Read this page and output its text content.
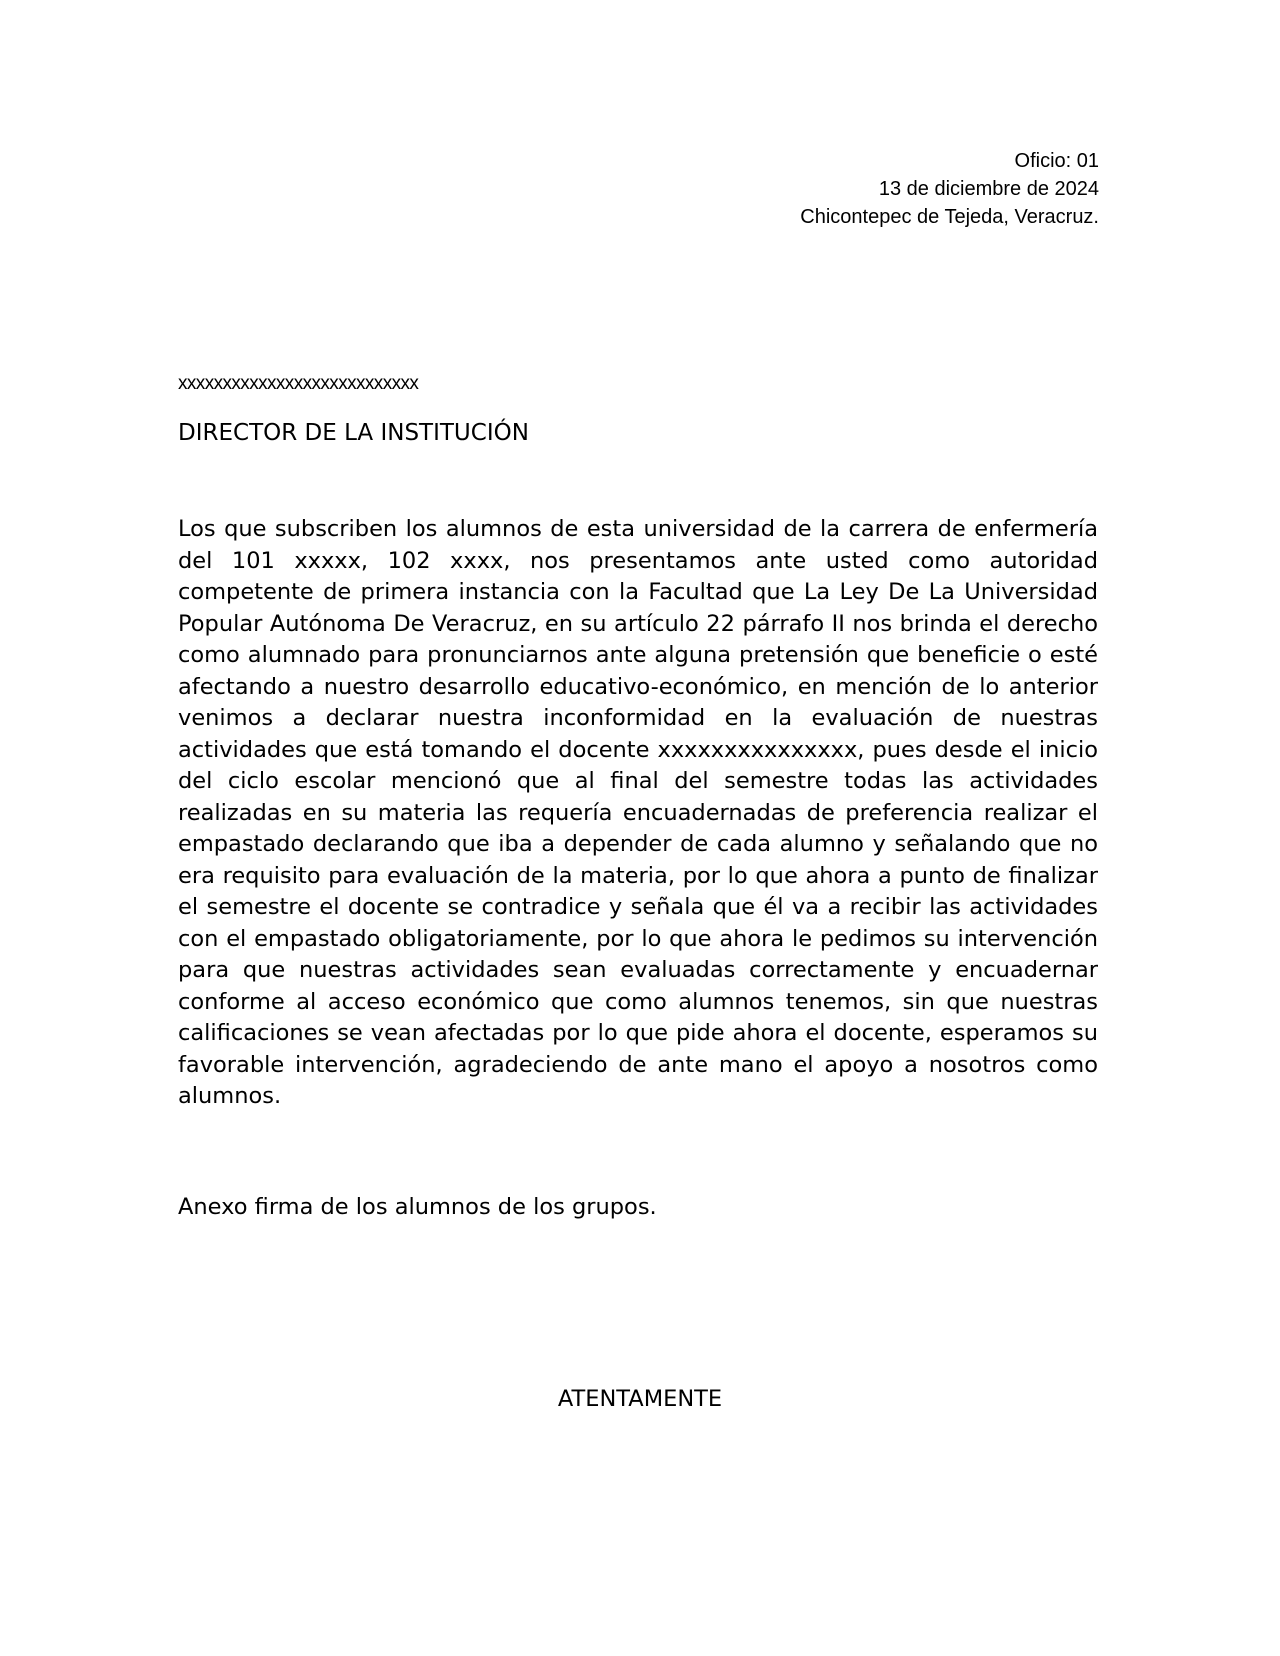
Oficio: 01
13 de diciembre de 2024
Chicontepec de Tejeda, Veracruz.
xxxxxxxxxxxxxxxxxxxxxxxxxxx
DIRECTOR DE LA INSTITUCIÓN

Los que subscriben los alumnos de esta universidad de la carrera de enfermería del 101 xxxxx, 102 xxxx, nos presentamos ante usted como autoridad competente de primera instancia con la Facultad que La Ley De La Universidad Popular Autónoma De Veracruz, en su artículo 22 párrafo II nos brinda el derecho como alumnado para pronunciarnos ante alguna pretensión que beneficie o esté afectando a nuestro desarrollo educativo-económico, en mención de lo anterior venimos a declarar nuestra inconformidad en la evaluación de nuestras actividades que está tomando el docente xxxxxxxxxxxxxxx, pues desde el inicio del ciclo escolar mencionó que al final del semestre todas las actividades realizadas en su materia las requería encuadernadas de preferencia realizar el empastado declarando que iba a depender de cada alumno y señalando que no era requisito para evaluación de la materia, por lo que ahora a punto de finalizar el semestre el docente se contradice y señala que él va a recibir las actividades con el empastado obligatoriamente, por lo que ahora le pedimos su intervención para que nuestras actividades sean evaluadas correctamente y encuadernar conforme al acceso económico que como alumnos tenemos, sin que nuestras calificaciones se vean afectadas por lo que pide ahora el docente, esperamos su favorable intervención, agradeciendo de ante mano el apoyo a nosotros como alumnos.

Anexo firma de los alumnos de los grupos.
ATENTAMENTE
